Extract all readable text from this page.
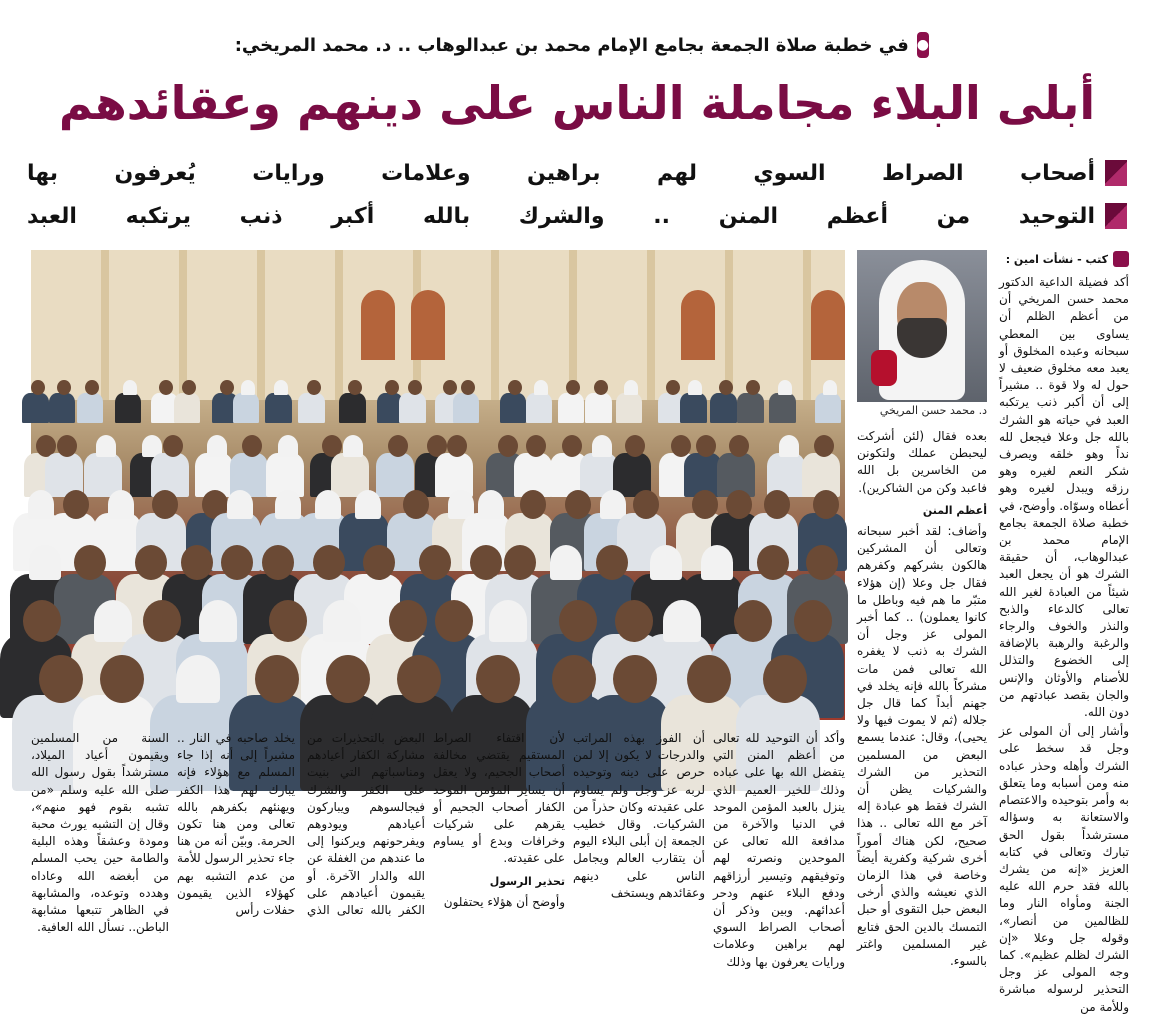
●
في خطبة صلاة الجمعة بجامع الإمام محمد بن عبدالوهاب .. د. محمد المريخي:
أبلى البلاء مجاملة الناس على دينهم وعقائدهم
أصحاب الصراط السوي لهم براهين وعلامات ورايات يُعرفون بها
التوحيد من أعظم المنن .. والشرك بالله أكبر ذنب يرتكبه العبد
كتب - نشأت امين :
د. محمد حسن المريخي

أكد فضيلة الداعية الدكتور محمد حسن المريخي أن من أعظم الظلم أن يساوى بين المعطي سبحانه وعبده المخلوق أو يعبد معه مخلوق ضعيف لا حول له ولا قوة .. مشيراً إلى أن أكبر ذنب يرتكبه العبد في حياته هو الشرك بالله جل وعلا فيجعل لله نداً وهو خلقه ويصرف شكر النعم لغيره وهو رزقه ويبدل لغيره وهو أعطاه وسوّاه. وأوضح، في خطبة صلاة الجمعة بجامع الإمام محمد بن عبدالوهاب، أن حقيقة الشرك هو أن يجعل العبد شيئاً من العبادة لغير الله تعالى كالدعاء والذبح والنذر والخوف والرجاء والرغبة والرهبة بالإضافة إلى الخضوع والتذلل للأصنام والأوثان والإنس والجان بقصد عبادتهم من دون الله.

وأشار إلى أن المولى عز وجل قد سخط على الشرك وأهله وحذر عباده منه ومن أسبابه وما يتعلق به وأمر بتوحيده والاعتصام والاستعانة به وسؤاله مسترشداً بقول الحق تبارك وتعالى في كتابه العزيز «إنه من يشرك بالله فقد حرم الله عليه الجنة ومأواه النار وما للظالمين من أنصار»، وقوله جل وعلا «إن الشرك لظلم عظيم». كما وجه المولى عز وجل التحذير لرسوله مباشرة وللأمة من

بعده فقال (لئن أشركت ليحبطن عملك ولتكونن من الخاسرين بل الله فاعبد وكن من الشاكرين).

أعظم المنن

وأضاف: لقد أخبر سبحانه وتعالى أن المشركين هالكون بشركهم وكفرهم فقال جل وعلا (إن هؤلاء متبّر ما هم فيه وباطل ما كانوا يعملون) .. كما أخبر المولى عز وجل أن الشرك به ذنب لا يغفره الله تعالى فمن مات مشركاً بالله فإنه يخلد في جهنم أبداً كما قال جل جلاله (ثم لا يموت فيها ولا يحيى)، وقال: عندما يسمع البعض من المسلمين التحذير من الشرك والشركيات يظن أن الشرك فقط هو عبادة إله آخر مع الله تعالى .. هذا صحيح، لكن هناك أموراً أخرى شركية وكفرية أيضاً وخاصة في هذا الزمان الذي نعيشه والذي أرخى البعض حبل التقوى أو حبل التمسك بالدين الحق فتابع غير المسلمين واغتر بالسوء.

وأكد أن التوحيد لله تعالى من أعظم المنن التي يتفضل الله بها على عباده وذلك للخير العميم الذي ينزل بالعبد المؤمن الموحد في الدنيا والآخرة من مدافعة الله تعالى عن الموحدين ونصرته لهم وتوفيقهم وتيسير أرزاقهم ودفع البلاء عنهم ودحر أعدائهم. وبين وذكر أن أصحاب الصراط السوي لهم براهين وعلامات ورايات يعرفون بها وذلك

أن الفوز بهذه المراتب والدرجات لا يكون إلا لمن حرص على دينه وتوحيده لربه عز وجل ولم يساوم على عقيدته وكان حذراً من الشركيات. وقال خطيب الجمعة إن أبلى البلاء اليوم أن يتقارب العالم ويجامل الناس على دينهم وعقائدهم ويستخف

لأن اقتفاء الصراط المستقيم يقتضي مخالفة أصحاب الجحيم، ولا يعقل أن يساير المؤمن الموحد الكفار أصحاب الجحيم أو يقرهم على شركيات وخرافات وبدع أو يساوم على عقيدته.

تحذير الرسول

وأوضح أن هؤلاء يحتفلون

البعض بالتحذيرات من مشاركة الكفار أعيادهم ومناسباتهم التي بنيت على الكفر والشرك فيجالسوهم ويباركون أعيادهم ويودوهم ويفرحونهم ويركنوا إلى ما عندهم من الغفلة عن الله والدار الآخرة. أو يقيمون أعيادهم على الكفر بالله تعالى الذي يخلد صاحبه في النار .. مشيراً إلى أنه إذا جاء المسلم مع هؤلاء فإنه يبارك لهم هذا الكفر ويهنئهم بكفرهم بالله تعالى ومن هنا تكون الحرمة. وبيّن أنه من هنا جاء تحذير الرسول للأمة من عدم التشبه بهم كهؤلاء الذين يقيمون حفلات رأس

السنة من المسلمين ويقيمون أعياد الميلاد، مسترشداً بقول رسول الله صلى الله عليه وسلم «من تشبه بقوم فهو منهم»، وقال إن التشبه يورث محبة ومودة وعشقاً وهذه البلية والطامة حين يحب المسلم من أبغضه الله وعاداه وهدده وتوعده، والمشابهة في الظاهر تتبعها مشابهة الباطن.. نسأل الله العافية.
